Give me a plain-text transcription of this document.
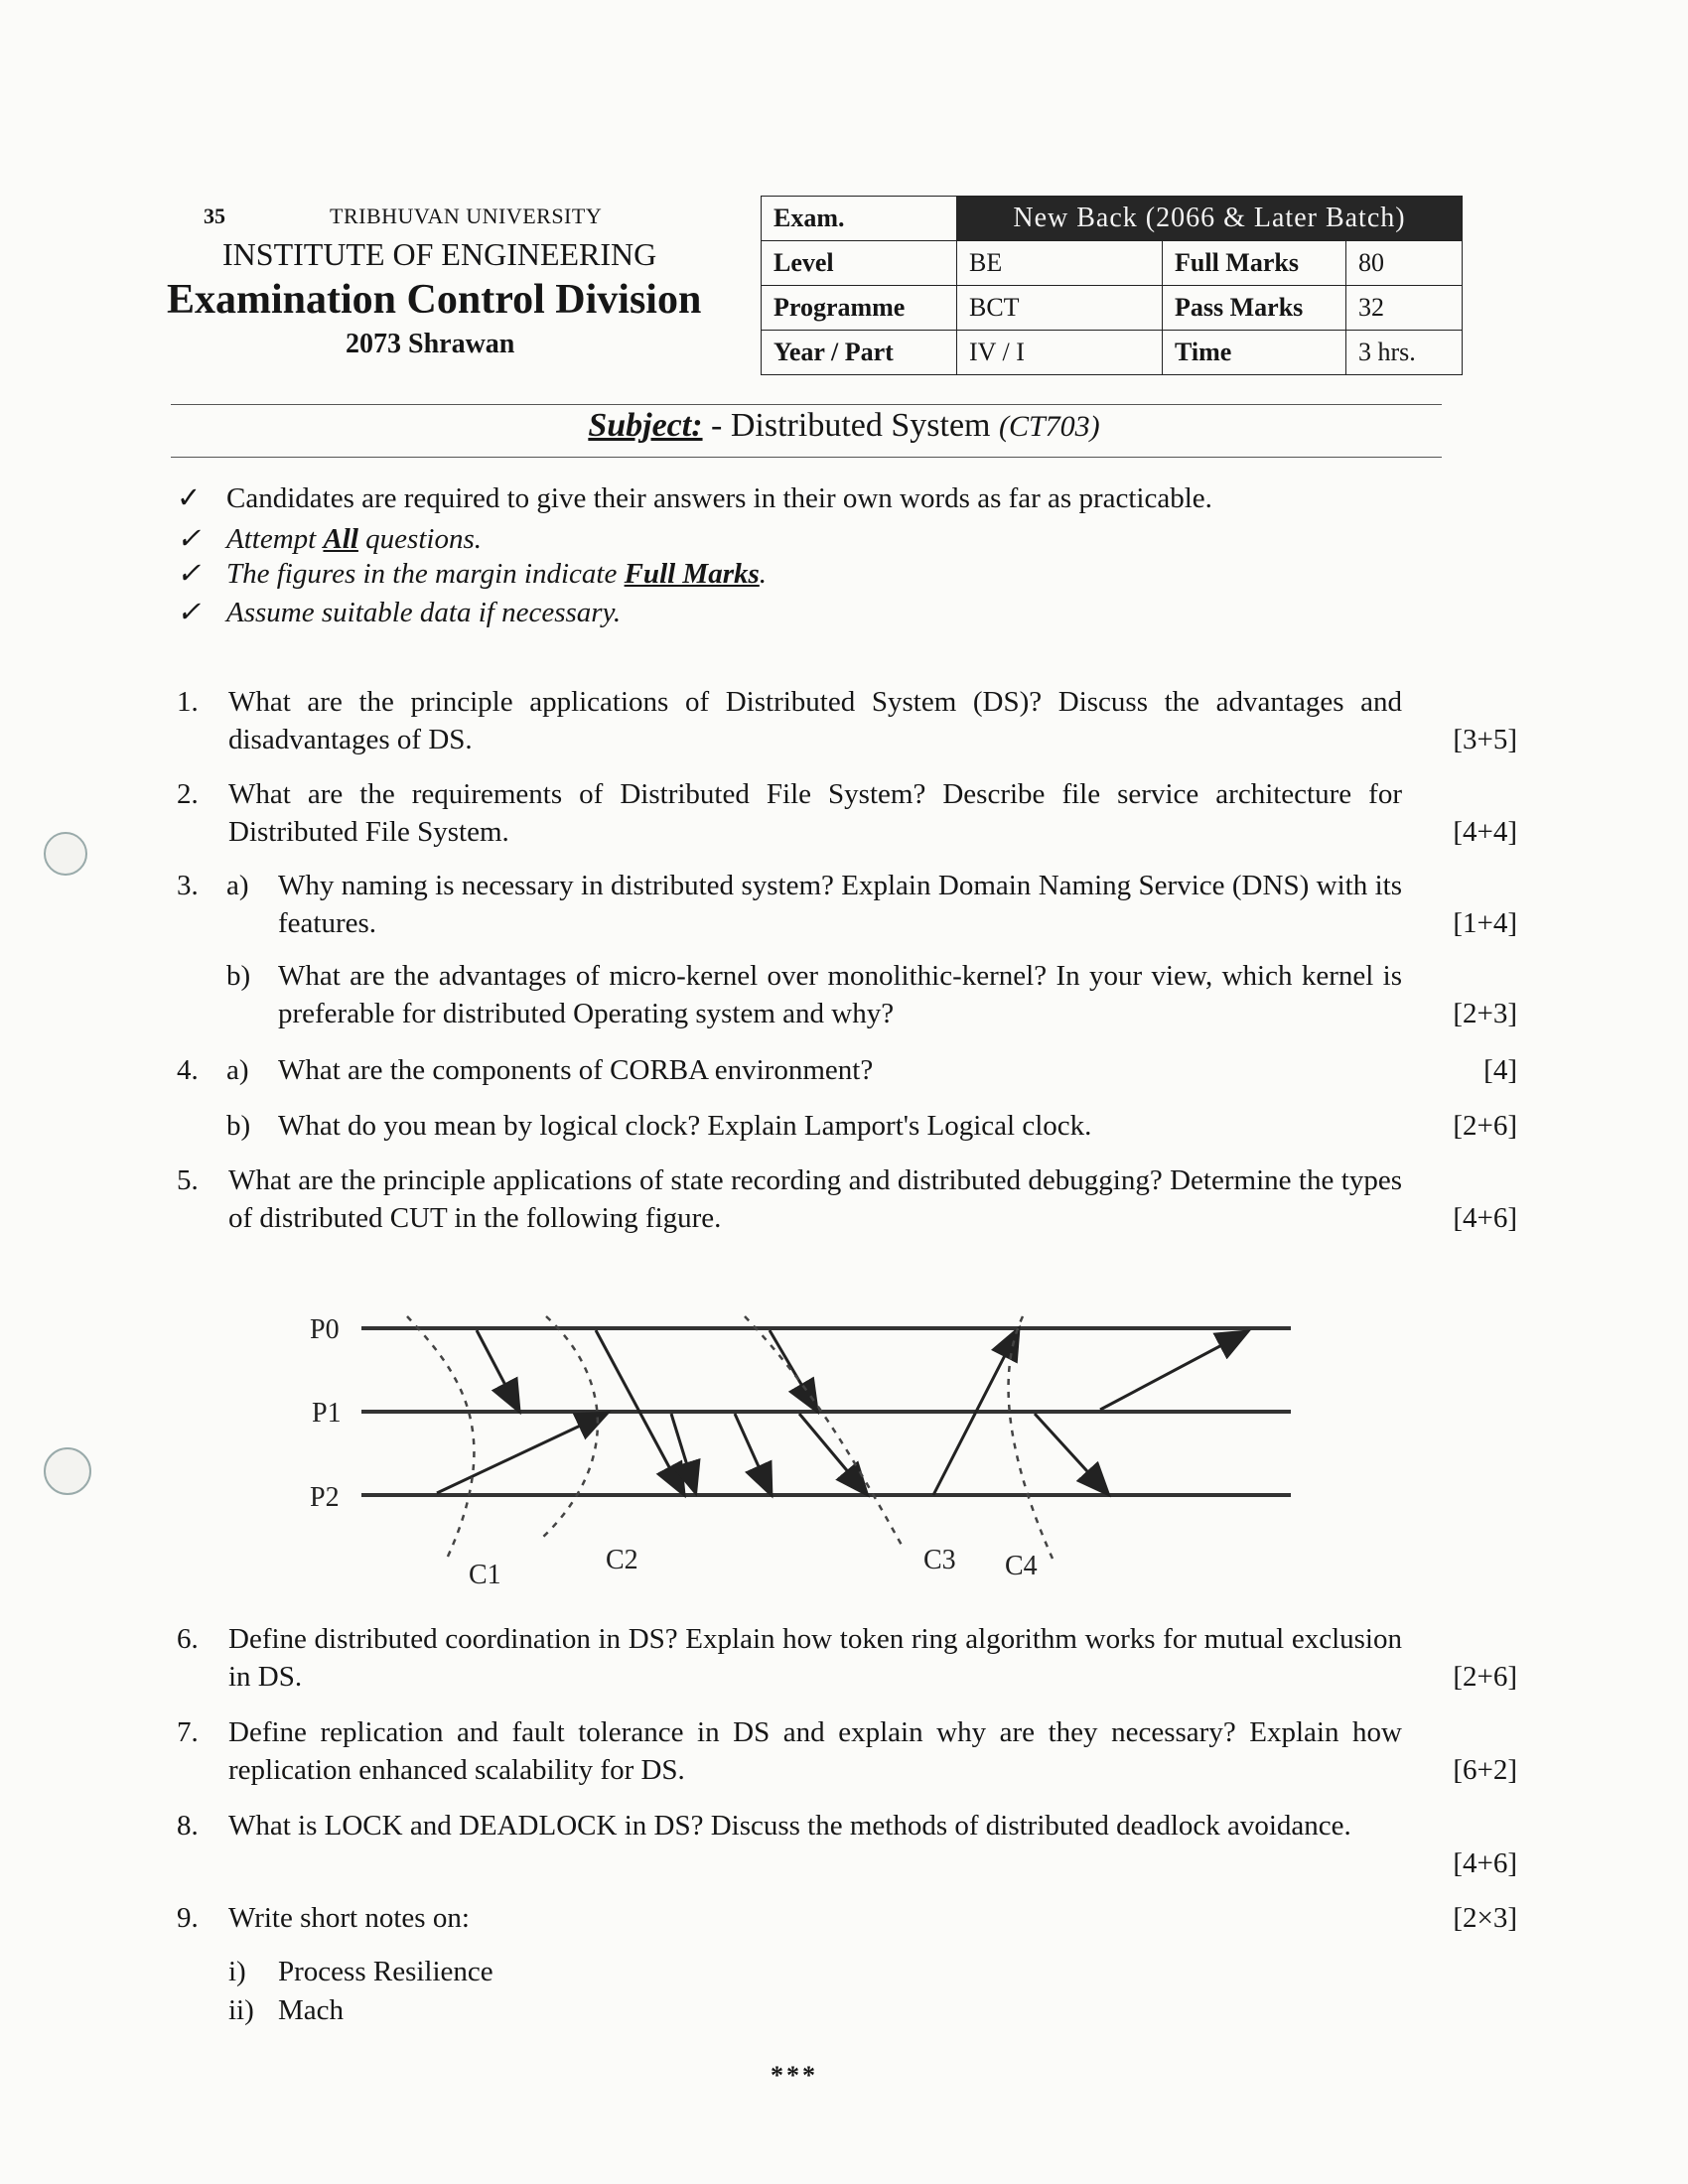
35	TRIBHUVAN UNIVERSITY
INSTITUTE OF ENGINEERING
Examination Control Division
2073 Shrawan
Exam.	New Back (2066 & Later Batch)		
Level	BE	Full Marks	80
Programme	BCT	Pass Marks	32
Year / Part	IV / I	Time	3 hrs.
Subject: - Distributed System (CT703)
✓ Candidates are required to give their answers in their own words as far as practicable.
✓ Attempt All questions.
✓ The figures in the margin indicate Full Marks.
✓ Assume suitable data if necessary.
1. What are the principle applications of Distributed System (DS)? Discuss the advantages and disadvantages of DS.	[3+5]
2. What are the requirements of Distributed File System? Describe file service architecture for Distributed File System.	[4+4]
3. a) Why naming is necessary in distributed system? Explain Domain Naming Service (DNS) with its features.	[1+4]
b) What are the advantages of micro-kernel over monolithic-kernel? In your view, which kernel is preferable for distributed Operating system and why?	[2+3]
4. a) What are the components of CORBA environment?	[4]
b) What do you mean by logical clock? Explain Lamport's Logical clock.	[2+6]
5. What are the principle applications of state recording and distributed debugging? Determine the types of distributed CUT in the following figure.	[4+6]
P0
P1
P2
C1	C2	C3 C4
6. Define distributed coordination in DS? Explain how token ring algorithm works for mutual exclusion in DS.	[2+6]
7. Define replication and fault tolerance in DS and explain why are they necessary? Explain how replication enhanced scalability for DS.	[6+2]
8. What is LOCK and DEADLOCK in DS? Discuss the methods of distributed deadlock avoidance.
[4+6]
9. Write short notes on:	[2×3]
i) Process Resilience
ii) Mach
***
